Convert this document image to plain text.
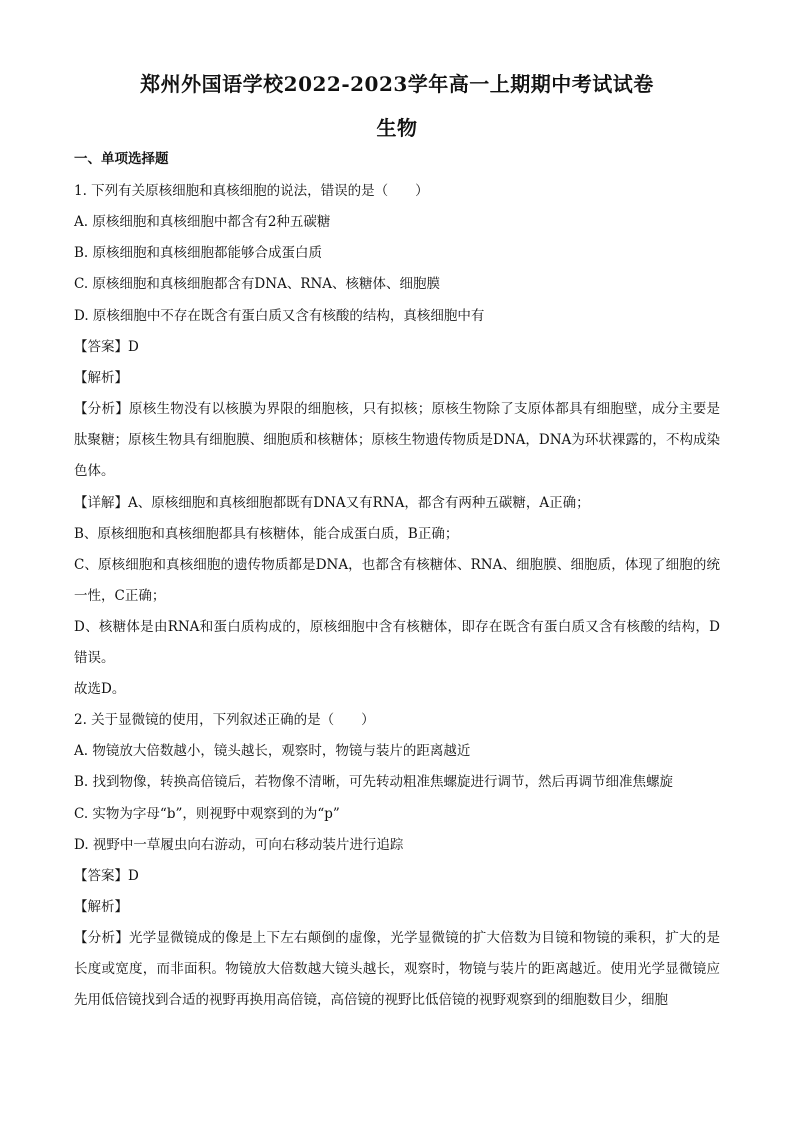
郑州外国语学校2022-2023学年高一上期期中考试试卷
生物
一、单项选择题
1. 下列有关原核细胞和真核细胞的说法，错误的是（　　）
A. 原核细胞和真核细胞中都含有2种五碳糖
B. 原核细胞和真核细胞都能够合成蛋白质
C. 原核细胞和真核细胞都含有DNA、RNA、核糖体、细胞膜
D. 原核细胞中不存在既含有蛋白质又含有核酸的结构，真核细胞中有
【答案】D
【解析】
【分析】原核生物没有以核膜为界限的细胞核，只有拟核；原核生物除了支原体都具有细胞壁，成分主要是肽聚糖；原核生物具有细胞膜、细胞质和核糖体；原核生物遗传物质是DNA，DNA为环状裸露的，不构成染色体。
【详解】A、原核细胞和真核细胞都既有DNA又有RNA，都含有两种五碳糖，A正确；
B、原核细胞和真核细胞都具有核糖体，能合成蛋白质，B正确；
C、原核细胞和真核细胞的遗传物质都是DNA，也都含有核糖体、RNA、细胞膜、细胞质，体现了细胞的统一性，C正确；
D、核糖体是由RNA和蛋白质构成的，原核细胞中含有核糖体，即存在既含有蛋白质又含有核酸的结构，D错误。
故选D。
2. 关于显微镜的使用，下列叙述正确的是（　　）
A. 物镜放大倍数越小，镜头越长，观察时，物镜与装片的距离越近
B. 找到物像，转换高倍镜后，若物像不清晰，可先转动粗准焦螺旋进行调节，然后再调节细准焦螺旋
C. 实物为字母“b”，则视野中观察到的为“p”
D. 视野中一草履虫向右游动，可向右移动装片进行追踪
【答案】D
【解析】
【分析】光学显微镜成的像是上下左右颠倒的虚像，光学显微镜的扩大倍数为目镜和物镜的乘积，扩大的是长度或宽度，而非面积。物镜放大倍数越大镜头越长，观察时，物镜与装片的距离越近。使用光学显微镜应先用低倍镜找到合适的视野再换用高倍镜，高倍镜的视野比低倍镜的视野观察到的细胞数目少，细胞
